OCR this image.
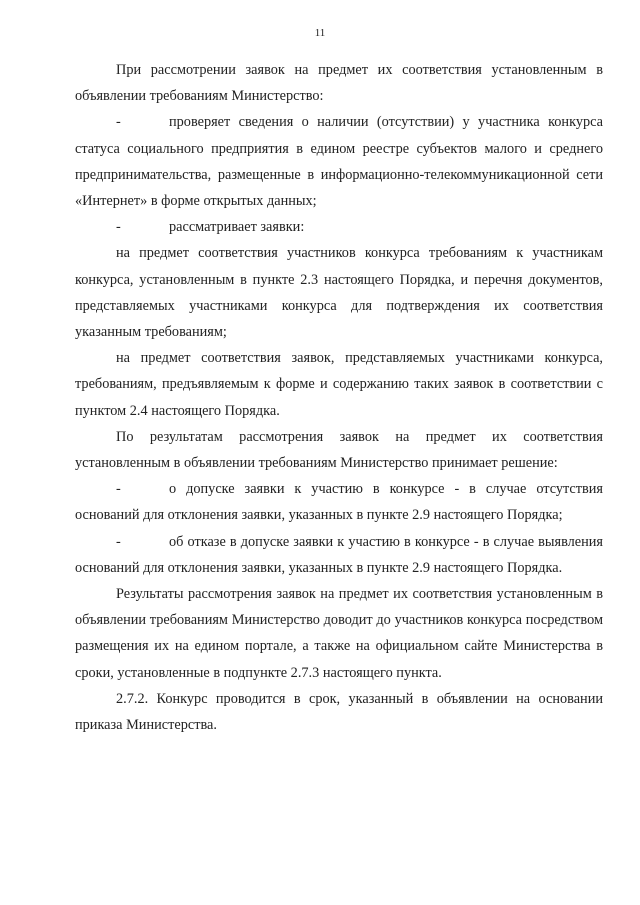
11

При рассмотрении заявок на предмет их соответствия установленным в объявлении требованиям Министерство:

-	проверяет сведения о наличии (отсутствии) у участника конкурса статуса социального предприятия в едином реестре субъектов малого и среднего предпринимательства, размещенные в информационно-телекоммуникационной сети «Интернет» в форме открытых данных;

-	рассматривает заявки:

на предмет соответствия участников конкурса требованиям к участникам конкурса, установленным в пункте 2.3 настоящего Порядка, и перечня документов, представляемых участниками конкурса для подтверждения их соответствия указанным требованиям;

на предмет соответствия заявок, представляемых участниками конкурса, требованиям, предъявляемым к форме и содержанию таких заявок в соответствии с пунктом 2.4 настоящего Порядка.

По результатам рассмотрения заявок на предмет их соответствия установленным в объявлении требованиям Министерство принимает решение:

-	о допуске заявки к участию в конкурсе - в случае отсутствия оснований для отклонения заявки, указанных в пункте 2.9 настоящего Порядка;

-	об отказе в допуске заявки к участию в конкурсе - в случае выявления оснований для отклонения заявки, указанных в пункте 2.9 настоящего Порядка.

Результаты рассмотрения заявок на предмет их соответствия установленным в объявлении требованиям Министерство доводит до участников конкурса посредством размещения их на едином портале, а также на официальном сайте Министерства в сроки, установленные в подпункте 2.7.3 настоящего пункта.

2.7.2. Конкурс проводится в срок, указанный в объявлении на основании приказа Министерства.
